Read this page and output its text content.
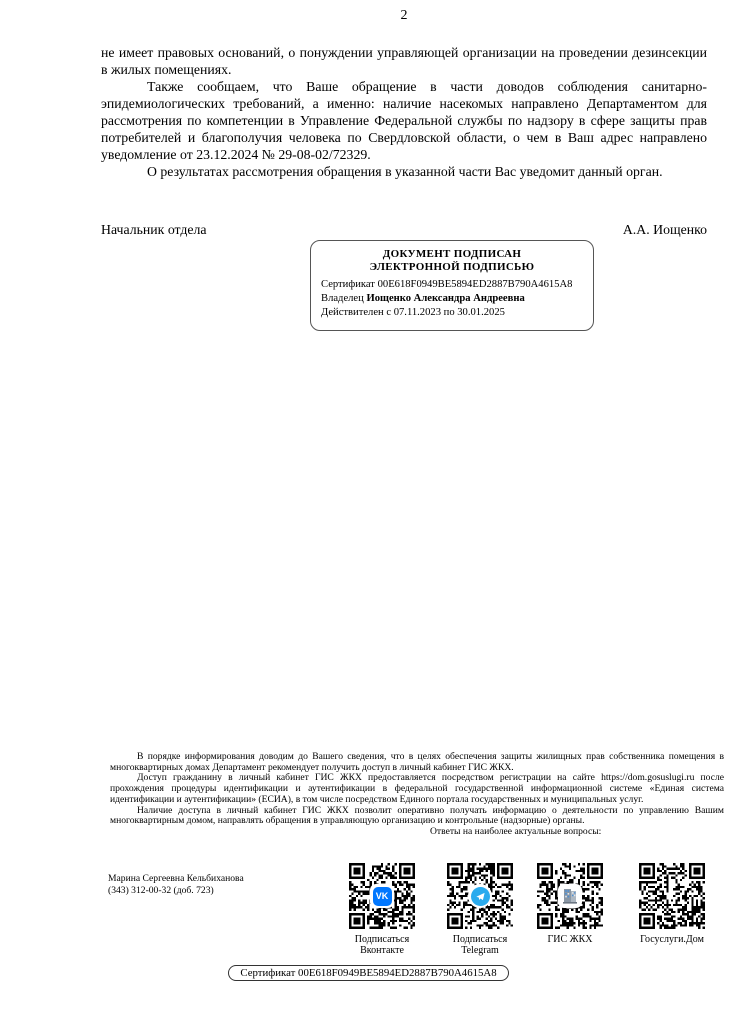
2

не имеет правовых оснований, о понуждении управляющей организации на проведении дезинсекции в жилых помещениях.

Также сообщаем, что Ваше обращение в части доводов соблюдения санитарно-эпидемиологических требований, а именно: наличие насекомых направлено Департаментом для рассмотрения по компетенции в Управление Федеральной службы по надзору в сфере защиты прав потребителей и благополучия человека по Свердловской области, о чем в Ваш адрес направлено уведомление от 23.12.2024 № 29-08-02/72329.

О результатах рассмотрения обращения в указанной части Вас уведомит данный орган.

Начальник отдела	А.А. Иощенко
ДОКУМЕНТ ПОДПИСАН
ЭЛЕКТРОННОЙ ПОДПИСЬЮ
Сертификат 00E618F0949BE5894ED2887B790A4615A8
Владелец Иощенко Александра Андреевна
Действителен с 07.11.2023 по 30.01.2025

В порядке информирования доводим до Вашего сведения, что в целях обеспечения защиты жилищных прав собственника помещения в многоквартирных домах Департамент рекомендует получить доступ в личный кабинет ГИС ЖКХ.

Доступ гражданину в личный кабинет ГИС ЖКХ предоставляется посредством регистрации на сайте https://dom.gosuslugi.ru после прохождения процедуры идентификации и аутентификации в федеральной государственной информационной системе «Единая система идентификации и аутентификации» (ЕСИА), в том числе посредством Единого портала государственных и муниципальных услуг.

Наличие доступа в личный кабинет ГИС ЖКХ позволит оперативно получать информацию о деятельности по управлению Вашим многоквартирным домом, направлять обращения в управляющую организацию и контрольные (надзорные) органы.

Ответы на наиболее актуальные вопросы:
Марина Сергеевна Кельбиханова
(343) 312-00-32 (доб. 723)
VK
Подписаться
Вконтакте
Подписаться
Telegram
ГИС ЖКХ	Госуслуги.Дом
Сертификат 00E618F0949BE5894ED2887B790A4615A8
